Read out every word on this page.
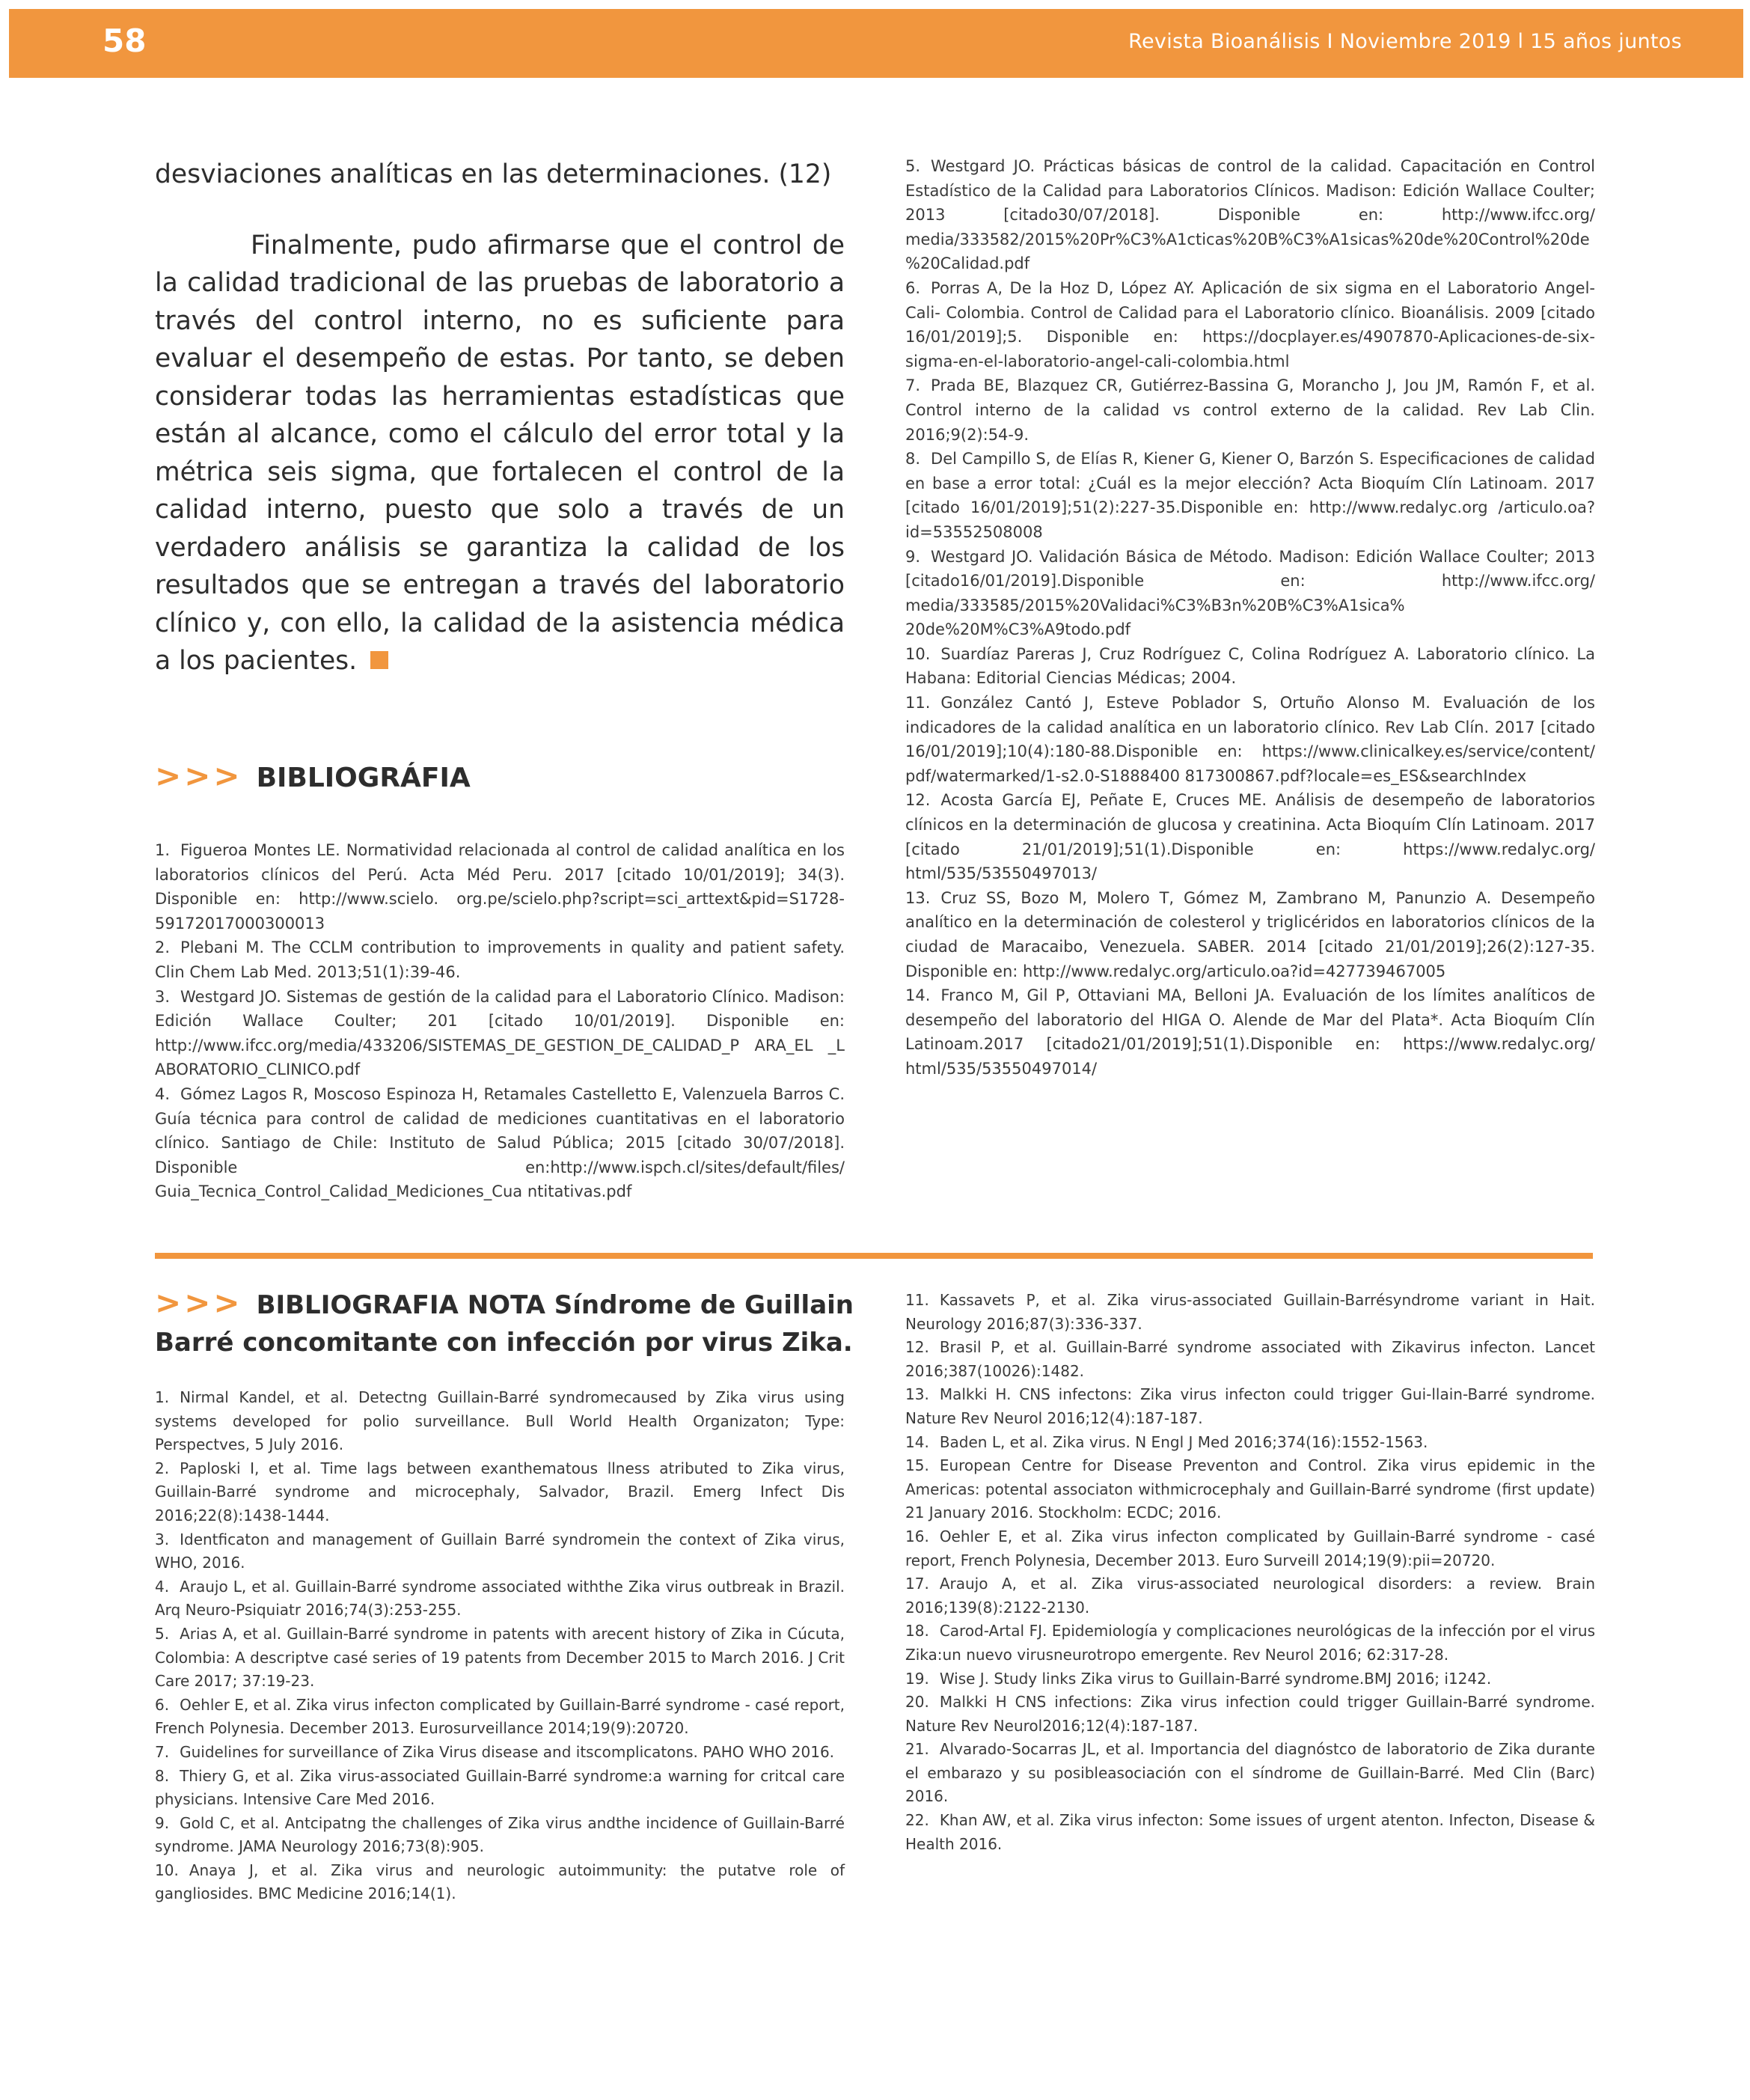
58	Revista Bioanálisis I Noviembre 2019 l 15 años juntos

desviaciones analíticas en las determinaciones. (12)

Finalmente, pudo afirmarse que el control de la calidad tradicional de las pruebas de laboratorio a través del control interno, no es suficiente para evaluar el desempeño de estas. Por tanto, se deben considerar todas las herramientas estadísticas que están al alcance, como el cálculo del error total y la métrica seis sigma, que fortalecen el control de la calidad interno, puesto que solo a través de un verdadero análisis se garantiza la calidad de los resultados que se entregan a través del laboratorio clínico y, con ello, la calidad de la asistencia médica a los pacientes.

>>> BIBLIOGRÁFIA
1. Figueroa Montes LE. Normatividad relacionada al control de calidad analítica en los laboratorios clínicos del Perú. Acta Méd Peru. 2017 [citado 10/01/2019]; 34(3). Disponible en: http://www.scielo. org.pe/scielo.php?script=sci_arttext&pid=S1728-59172017000300013
2. Plebani M. The CCLM contribution to improvements in quality and patient safety. Clin Chem Lab Med. 2013;51(1):39-46.
3. Westgard JO. Sistemas de gestión de la calidad para el Laboratorio Clínico. Madison: Edición Wallace Coulter; 201 [citado 10/01/2019]. Disponible en: http://www.ifcc.org/media/433206/SISTEMAS_DE_GESTION_DE_CALIDAD_P ARA_EL _L ABORATORIO_CLINICO.pdf
4. Gómez Lagos R, Moscoso Espinoza H, Retamales Castelletto E, Valenzuela Barros C. Guía técnica para control de calidad de mediciones cuantitativas en el laboratorio clínico. Santiago de Chile: Instituto de Salud Pública; 2015 [citado 30/07/2018]. Disponible en:http://www.ispch.cl/sites/default/files/ Guia_Tecnica_Control_Calidad_Mediciones_Cua ntitativas.pdf
5. Westgard JO. Prácticas básicas de control de la calidad. Capacitación en Control Estadístico de la Calidad para Laboratorios Clínicos. Madison: Edición Wallace Coulter; 2013 [citado30/07/2018]. Disponible en: http://www.ifcc.org/ media/333582/2015%20Pr%C3%A1cticas%20B%C3%A1sicas%20de%20Control%20de%20Calidad.pdf
6. Porras A, De la Hoz D, López AY. Aplicación de six sigma en el Laboratorio Angel-Cali- Colombia. Control de Calidad para el Laboratorio clínico. Bioanálisis. 2009 [citado 16/01/2019];5. Disponible en: https://docplayer.es/4907870-Aplicaciones-de-six- sigma-en-el-laboratorio-angel-cali-colombia.html
7. Prada BE, Blazquez CR, Gutiérrez-Bassina G, Morancho J, Jou JM, Ramón F, et al. Control interno de la calidad vs control externo de la calidad. Rev Lab Clin. 2016;9(2):54-9.
8. Del Campillo S, de Elías R, Kiener G, Kiener O, Barzón S. Especificaciones de calidad en base a error total: ¿Cuál es la mejor elección? Acta Bioquím Clín Latinoam. 2017 [citado 16/01/2019];51(2):227-35.Disponible en: http://www.redalyc.org /articulo.oa?id=53552508008
9. Westgard JO. Validación Básica de Método. Madison: Edición Wallace Coulter; 2013 [citado16/01/2019].Disponible en: http://www.ifcc.org/ media/333585/2015%20Validaci%C3%B3n%20B%C3%A1sica% 20de%20M%C3%A9todo.pdf
10. Suardíaz Pareras J, Cruz Rodríguez C, Colina Rodríguez A. Laboratorio clínico. La Habana: Editorial Ciencias Médicas; 2004.
11. González Cantó J, Esteve Poblador S, Ortuño Alonso M. Evaluación de los indicadores de la calidad analítica en un laboratorio clínico. Rev Lab Clín. 2017 [citado 16/01/2019];10(4):180-88.Disponible en: https://www.clinicalkey.es/service/content/ pdf/watermarked/1-s2.0-S1888400 817300867.pdf?locale=es_ES&searchIndex
12. Acosta García EJ, Peñate E, Cruces ME. Análisis de desempeño de laboratorios clínicos en la determinación de glucosa y creatinina. Acta Bioquím Clín Latinoam. 2017 [citado 21/01/2019];51(1).Disponible en: https://www.redalyc.org/ html/535/53550497013/
13. Cruz SS, Bozo M, Molero T, Gómez M, Zambrano M, Panunzio A. Desempeño analítico en la determinación de colesterol y triglicéridos en laboratorios clínicos de la ciudad de Maracaibo, Venezuela. SABER. 2014 [citado 21/01/2019];26(2):127-35. Disponible en: http://www.redalyc.org/articulo.oa?id=427739467005
14. Franco M, Gil P, Ottaviani MA, Belloni JA. Evaluación de los límites analíticos de desempeño del laboratorio del HIGA O. Alende de Mar del Plata*. Acta Bioquím Clín Latinoam.2017 [citado21/01/2019];51(1).Disponible en: https://www.redalyc.org/ html/535/53550497014/
>>> BIBLIOGRAFIA NOTA Síndrome de Guillain Barré concomitante con infección por virus Zika.
1. Nirmal Kandel, et al. Detectng Guillain-Barré syndromecaused by Zika virus using systems developed for polio surveillance. Bull World Health Organizaton; Type: Perspectves, 5 July 2016.
2. Paploski I, et al. Time lags between exanthematous llness atributed to Zika virus, Guillain-Barré syndrome and microcephaly, Salvador, Brazil. Emerg Infect Dis 2016;22(8):1438-1444.
3. Identficaton and management of Guillain Barré syndromein the context of Zika virus, WHO, 2016.
4. Araujo L, et al. Guillain-Barré syndrome associated withthe Zika virus outbreak in Brazil. Arq Neuro-Psiquiatr 2016;74(3):253-255.
5. Arias A, et al. Guillain-Barré syndrome in patents with arecent history of Zika in Cúcuta, Colombia: A descriptve casé series of 19 patents from December 2015 to March 2016. J Crit Care 2017; 37:19-23.
6. Oehler E, et al. Zika virus infecton complicated by Guillain-Barré syndrome - casé report, French Polynesia. December 2013. Eurosurveillance 2014;19(9):20720.
7. Guidelines for surveillance of Zika Virus disease and itscomplicatons. PAHO WHO 2016.
8. Thiery G, et al. Zika virus-associated Guillain-Barré syndrome:a warning for critcal care physicians. Intensive Care Med 2016.
9. Gold C, et al. Antcipatng the challenges of Zika virus andthe incidence of Guillain-Barré syndrome. JAMA Neurology 2016;73(8):905.
10. Anaya J, et al. Zika virus and neurologic autoimmunity: the putatve role of gangliosides. BMC Medicine 2016;14(1).
11. Kassavets P, et al. Zika virus-associated Guillain-Barrésyndrome variant in Hait. Neurology 2016;87(3):336-337.
12. Brasil P, et al. Guillain-Barré syndrome associated with Zikavirus infecton. Lancet 2016;387(10026):1482.
13. Malkki H. CNS infectons: Zika virus infecton could trigger Gui-llain-Barré syndrome. Nature Rev Neurol 2016;12(4):187-187.
14. Baden L, et al. Zika virus. N Engl J Med 2016;374(16):1552-1563.
15. European Centre for Disease Preventon and Control. Zika virus epidemic in the Americas: potental associaton withmicrocephaly and Guillain-Barré syndrome (first update) 21 January 2016. Stockholm: ECDC; 2016.
16. Oehler E, et al. Zika virus infecton complicated by Guillain-Barré syndrome - casé report, French Polynesia, December 2013. Euro Surveill 2014;19(9):pii=20720.
17. Araujo A, et al. Zika virus-associated neurological disorders: a review. Brain 2016;139(8):2122-2130.
18. Carod-Artal FJ. Epidemiología y complicaciones neurológicas de la infección por el virus Zika:un nuevo virusneurotropo emergente. Rev Neurol 2016; 62:317-28.
19. Wise J. Study links Zika virus to Guillain-Barré syndrome.BMJ 2016; i1242.
20. Malkki H CNS infections: Zika virus infection could trigger Guillain-Barré syndrome. Nature Rev Neurol2016;12(4):187-187.
21. Alvarado-Socarras JL, et al. Importancia del diagnóstco de laboratorio de Zika durante el embarazo y su posibleasociación con el síndrome de Guillain-Barré. Med Clin (Barc) 2016.
22. Khan AW, et al. Zika virus infecton: Some issues of urgent atenton. Infecton, Disease & Health 2016.
